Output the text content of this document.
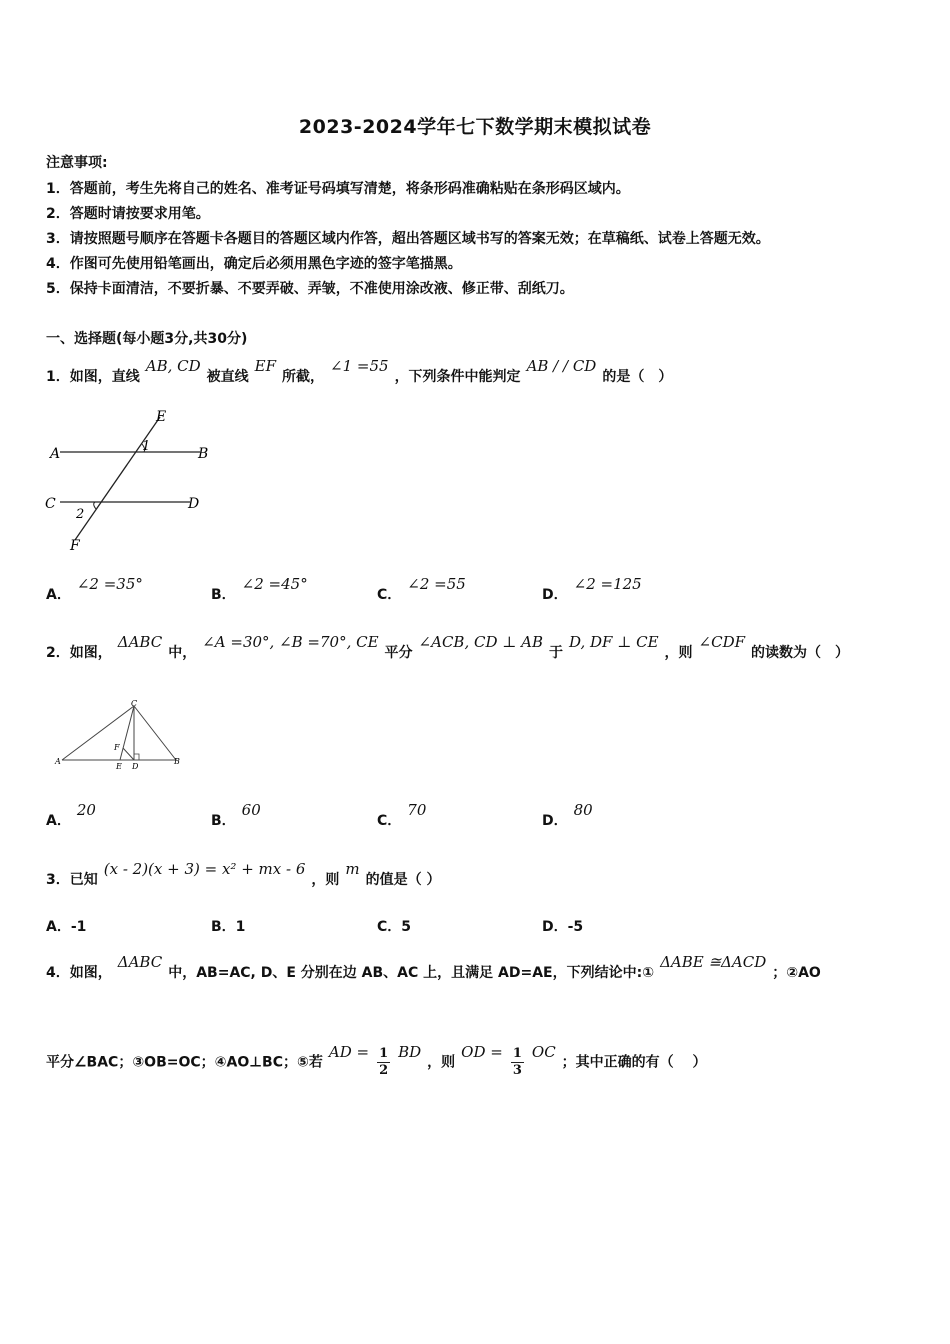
2023-2024学年七下数学期末模拟试卷
注意事项:
1．答题前，考生先将自己的姓名、准考证号码填写清楚，将条形码准确粘贴在条形码区域内。
2．答题时请按要求用笔。
3．请按照题号顺序在答题卡各题目的答题区域内作答，超出答题区域书写的答案无效；在草稿纸、试卷上答题无效。
4．作图可先使用铅笔画出，确定后必须用黑色字迹的签字笔描黑。
5．保持卡面清洁，不要折暴、不要弄破、弄皱，不准使用涂改液、修正带、刮纸刀。
一、选择题(每小题3分,共30分)
1．如图，直线AB, CD被直线EF所截，∠1 =55，下列条件中能判定AB / / CD的是（　）
A	B
C	D
E
F
1
2
A．∠2 =35°
B．∠2 =45°
C．∠2 =55
D．∠2 =125
2．如图，ΔABC中，∠A =30°, ∠B =70°, CE平分∠ACB, CD ⊥ AB于D, DF ⊥ CE，则∠CDF的读数为（　）
A	B
C
D
E
F
A．20
B．60
C．70
D．80
3．已知(x - 2)(x + 3) = x² + mx - 6，则m的值是（ ）
A．-1	B．1	C．5	D．-5
4．如图，ΔABC中，AB=AC, D、E 分别在边 AB、AC 上，且满足 AD=AE，下列结论中:①ΔABE ≅ΔACD；②AO
平分∠BAC；③OB=OC；④AO⊥BC；⑤若AD = $\frac{1}{2}$ BD，则OD = $\frac{1}{3}$ OC；其中正确的有（　 ）
